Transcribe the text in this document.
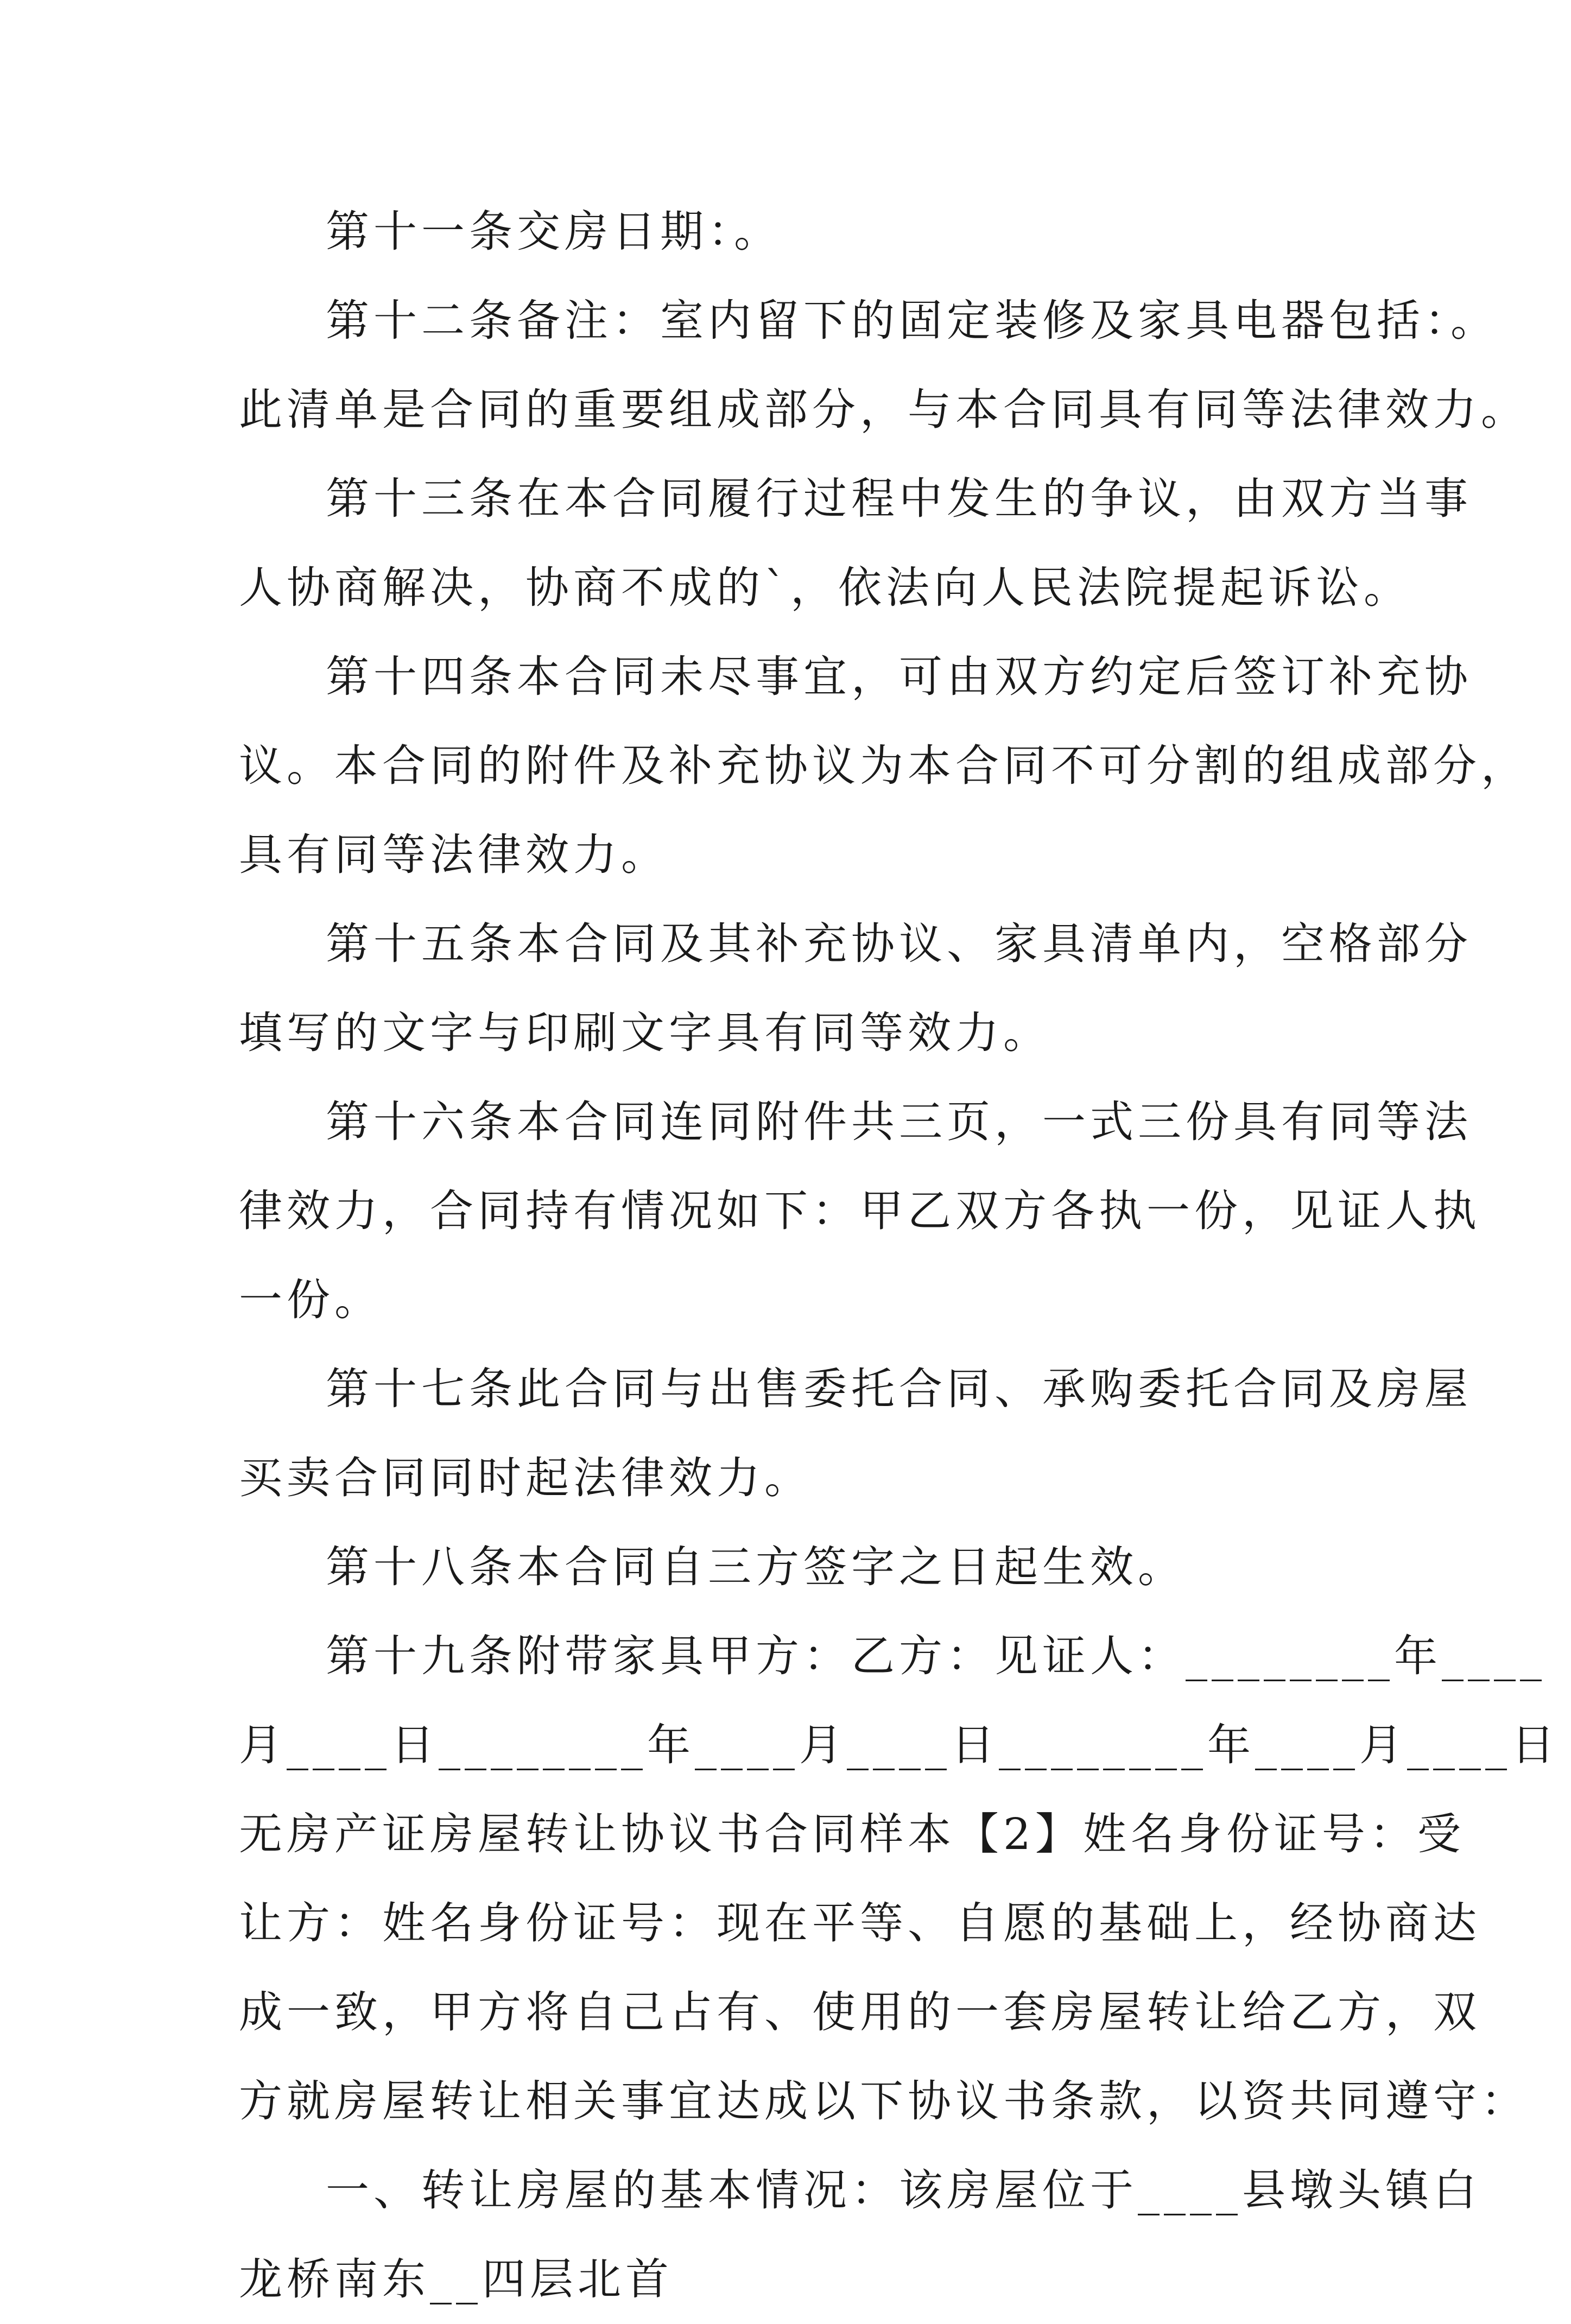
第十一条交房日期：。
第十二条备注：室内留下的固定装修及家具电器包括：。
此清单是合同的重要组成部分，与本合同具有同等法律效力。
第十三条在本合同履行过程中发生的争议，由双方当事
人协商解决，协商不成的`，依法向人民法院提起诉讼。
第十四条本合同未尽事宜，可由双方约定后签订补充协
议。本合同的附件及补充协议为本合同不可分割的组成部分，
具有同等法律效力。
第十五条本合同及其补充协议、家具清单内，空格部分
填写的文字与印刷文字具有同等效力。
第十六条本合同连同附件共三页，一式三份具有同等法
律效力，合同持有情况如下：甲乙双方各执一份，见证人执
一份。
第十七条此合同与出售委托合同、承购委托合同及房屋
买卖合同同时起法律效力。
第十八条本合同自三方签字之日起生效。
第十九条附带家具甲方：乙方：见证人：________年____
月____日________年____月____日________年____月____日
无房产证房屋转让协议书合同样本【2】姓名身份证号：受
让方：姓名身份证号：现在平等、自愿的基础上，经协商达
成一致，甲方将自己占有、使用的一套房屋转让给乙方，双
方就房屋转让相关事宜达成以下协议书条款，以资共同遵守：
一、转让房屋的基本情况：该房屋位于____县墩头镇白
龙桥南东__四层北首
